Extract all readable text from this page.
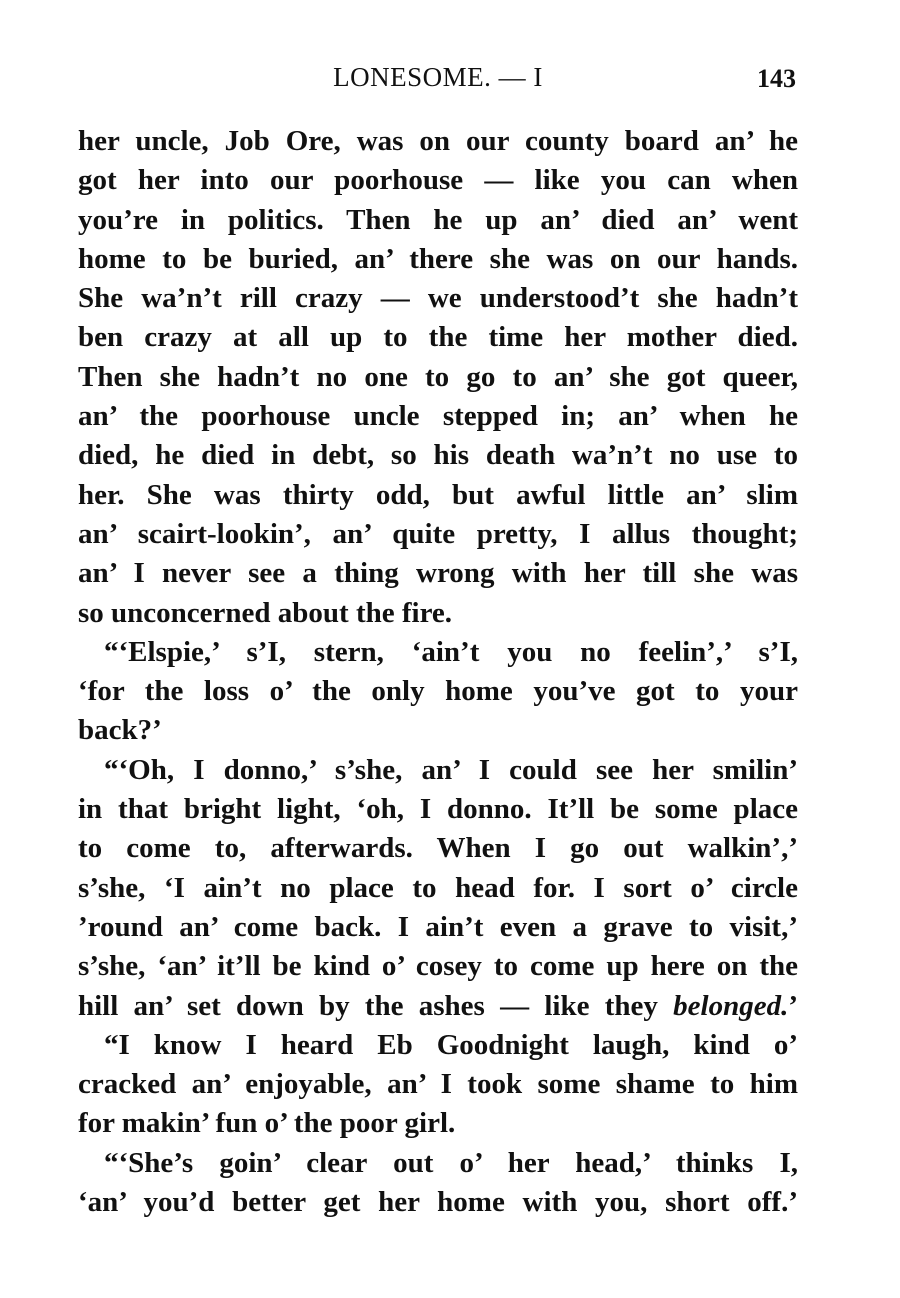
LONESOME. — I	143
her uncle, Job Ore, was on our county board an’ he
got her into our poorhouse — like you can when
you’re in politics. Then he up an’ died an’ went
home to be buried, an’ there she was on our hands.
She wa’n’t rill crazy — we understood’t she hadn’t
ben crazy at all up to the time her mother died.
Then she hadn’t no one to go to an’ she got queer,
an’ the poorhouse uncle stepped in; an’ when he
died, he died in debt, so his death wa’n’t no use to
her. She was thirty odd, but awful little an’ slim
an’ scairt-lookin’, an’ quite pretty, I allus thought;
an’ I never see a thing wrong with her till she was
so unconcerned about the fire.
“‘Elspie,’ s’I, stern, ‘ain’t you no feelin’,’ s’I,
‘for the loss o’ the only home you’ve got to your
back?’
“‘Oh, I donno,’ s’she, an’ I could see her smilin’
in that bright light, ‘oh, I donno. It’ll be some place
to come to, afterwards. When I go out walkin’,’
s’she, ‘I ain’t no place to head for. I sort o’ circle
’round an’ come back. I ain’t even a grave to visit,’
s’she, ‘an’ it’ll be kind o’ cosey to come up here on the
hill an’ set down by the ashes — like they belonged.’
“I know I heard Eb Goodnight laugh, kind o’
cracked an’ enjoyable, an’ I took some shame to him
for makin’ fun o’ the poor girl.
“‘She’s goin’ clear out o’ her head,’ thinks I,
‘an’ you’d better get her home with you, short off.’
